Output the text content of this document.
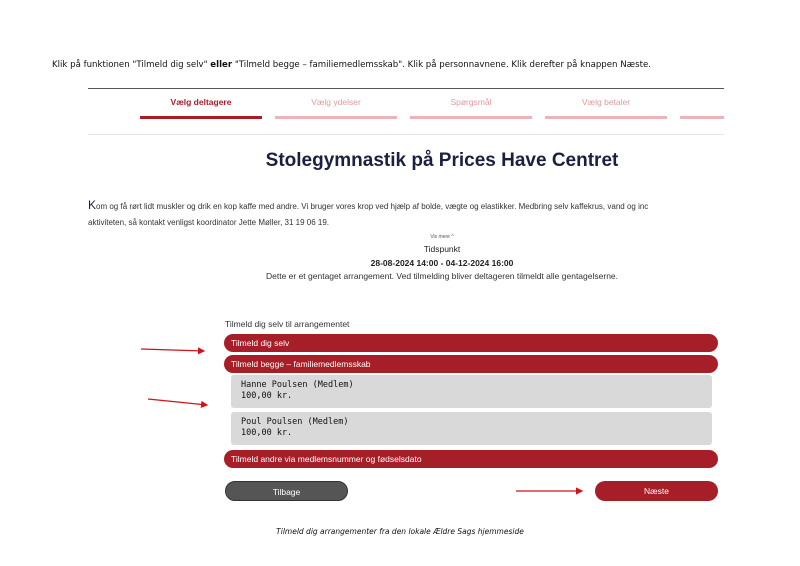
Klik på funktionen "Tilmeld dig selv" eller "Tilmeld begge – familiemedlemsskab". Klik på personnavnene. Klik derefter på knappen Næste.
Vælg deltagere	Vælg ydelser	Spørgsmål	Vælg betaler
Stolegymnastik på Prices Have Centret
Kom og få rørt lidt muskler og drik en kop kaffe med andre. Vi bruger vores krop ved hjælp af bolde, vægte og elastikker. Medbring selv kaffekrus, vand og inc
aktiviteten, så kontakt venligst koordinator Jette Møller, 31 19 06 19.
Vis mere ^
Tidspunkt
28-08-2024 14:00 - 04-12-2024 16:00
Dette er et gentaget arrangement. Ved tilmelding bliver deltageren tilmeldt alle gentagelserne.
Tilmeld dig selv til arrangementet
Tilmeld dig selv
Tilmeld begge – familiemedlemsskab
Hanne Poulsen (Medlem)
100,00 kr.
Poul Poulsen (Medlem)
100,00 kr.
Tilmeld andre via medlemsnummer og fødselsdato
Tilbage	Næste
Tilmeld dig arrangementer fra den lokale Ældre Sags hjemmeside
